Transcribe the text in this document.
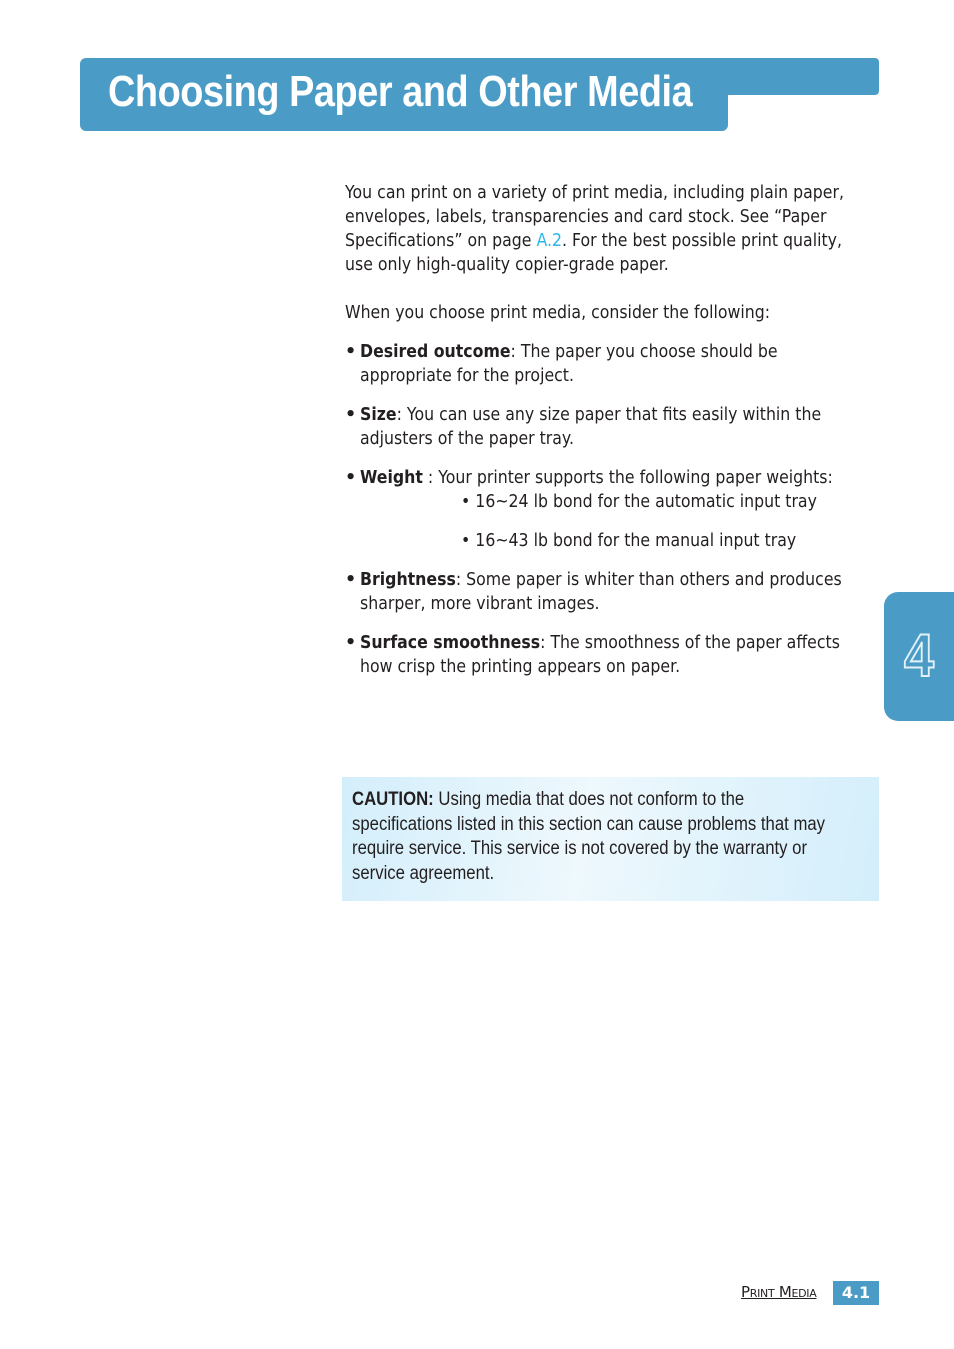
Choosing Paper and Other Media

You can print on a variety of print media, including plain paper,
envelopes, labels, transparencies and card stock. See “Paper
Specifications” on page A.2. For the best possible print quality,
use only high-quality copier-grade paper.

When you choose print media, consider the following:

• Desired outcome: The paper you choose should be
appropriate for the project.
• Size: You can use any size paper that fits easily within the
adjusters of the paper tray.
• Weight : Your printer supports the following paper weights:
• 16~24 lb bond for the automatic input tray
• 16~43 lb bond for the manual input tray
• Brightness: Some paper is whiter than others and produces
sharper, more vibrant images.
• Surface smoothness: The smoothness of the paper affects
how crisp the printing appears on paper.
CAUTION: Using media that does not conform to the
specifications listed in this section can cause problems that may
require service. This service is not covered by the warranty or
service agreement.
4
Print Media	4.1
